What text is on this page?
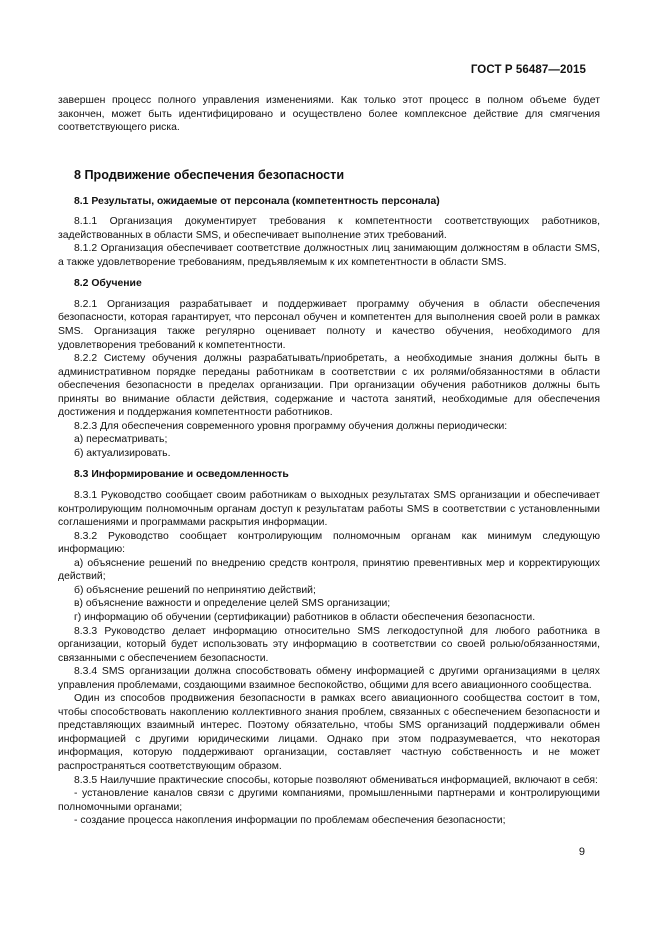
ГОСТ Р 56487—2015

завершен процесс полного управления изменениями. Как только этот процесс в полном объеме будет закончен, может быть идентифицировано и осуществлено более комплексное действие для смягчения соответствующего риска.

8 Продвижение обеспечения безопасности
8.1 Результаты, ожидаемые от персонала (компетентность персонала)

8.1.1 Организация документирует требования к компетентности соответствующих работников, задействованных в области SMS, и обеспечивает выполнение этих требований.

8.1.2 Организация обеспечивает соответствие должностных лиц занимающим должностям в области SMS, а также удовлетворение требованиям, предъявляемым к их компетентности в области SMS.

8.2 Обучение

8.2.1 Организация разрабатывает и поддерживает программу обучения в области обеспечения безопасности, которая гарантирует, что персонал обучен и компетентен для выполнения своей роли в рамках SMS. Организация также регулярно оценивает полноту и качество обучения, необходимого для удовлетворения требований к компетентности.

8.2.2 Систему обучения должны разрабатывать/приобретать, а необходимые знания должны быть в административном порядке переданы работникам в соответствии с их ролями/обязанностями в области обеспечения безопасности в пределах организации. При организации обучения работников должны быть приняты во внимание области действия, содержание и частота занятий, необходимые для обеспечения достижения и поддержания компетентности работников.

8.2.3 Для обеспечения современного уровня программу обучения должны периодически:

а) пересматривать;

б) актуализировать.

8.3 Информирование и осведомленность

8.3.1 Руководство сообщает своим работникам о выходных результатах SMS организации и обеспечивает контролирующим полномочным органам доступ к результатам работы SMS в соответствии с установленными соглашениями и программами раскрытия информации.

8.3.2 Руководство сообщает контролирующим полномочным органам как минимум следующую информацию:

а) объяснение решений по внедрению средств контроля, принятию превентивных мер и корректирующих действий;

б) объяснение решений по непринятию действий;

в) объяснение важности и определение целей SMS организации;

г) информацию об обучении (сертификации) работников в области обеспечения безопасности.

8.3.3 Руководство делает информацию относительно SMS легкодоступной для любого работника в организации, который будет использовать эту информацию в соответствии со своей ролью/обязанностями, связанными с обеспечением безопасности.

8.3.4 SMS организации должна способствовать обмену информацией с другими организациями в целях управления проблемами, создающими взаимное беспокойство, общими для всего авиационного сообщества.

Один из способов продвижения безопасности в рамках всего авиационного сообщества состоит в том, чтобы способствовать накоплению коллективного знания проблем, связанных с обеспечением безопасности и представляющих взаимный интерес. Поэтому обязательно, чтобы SMS организаций поддерживали обмен информацией с другими юридическими лицами. Однако при этом подразумевается, что некоторая информация, которую поддерживают организации, составляет частную собственность и не может распространяться соответствующим образом.

8.3.5 Наилучшие практические способы, которые позволяют обмениваться информацией, включают в себя:

- установление каналов связи с другими компаниями, промышленными партнерами и контролирующими полномочными органами;

- создание процесса накопления информации по проблемам обеспечения безопасности;

9
